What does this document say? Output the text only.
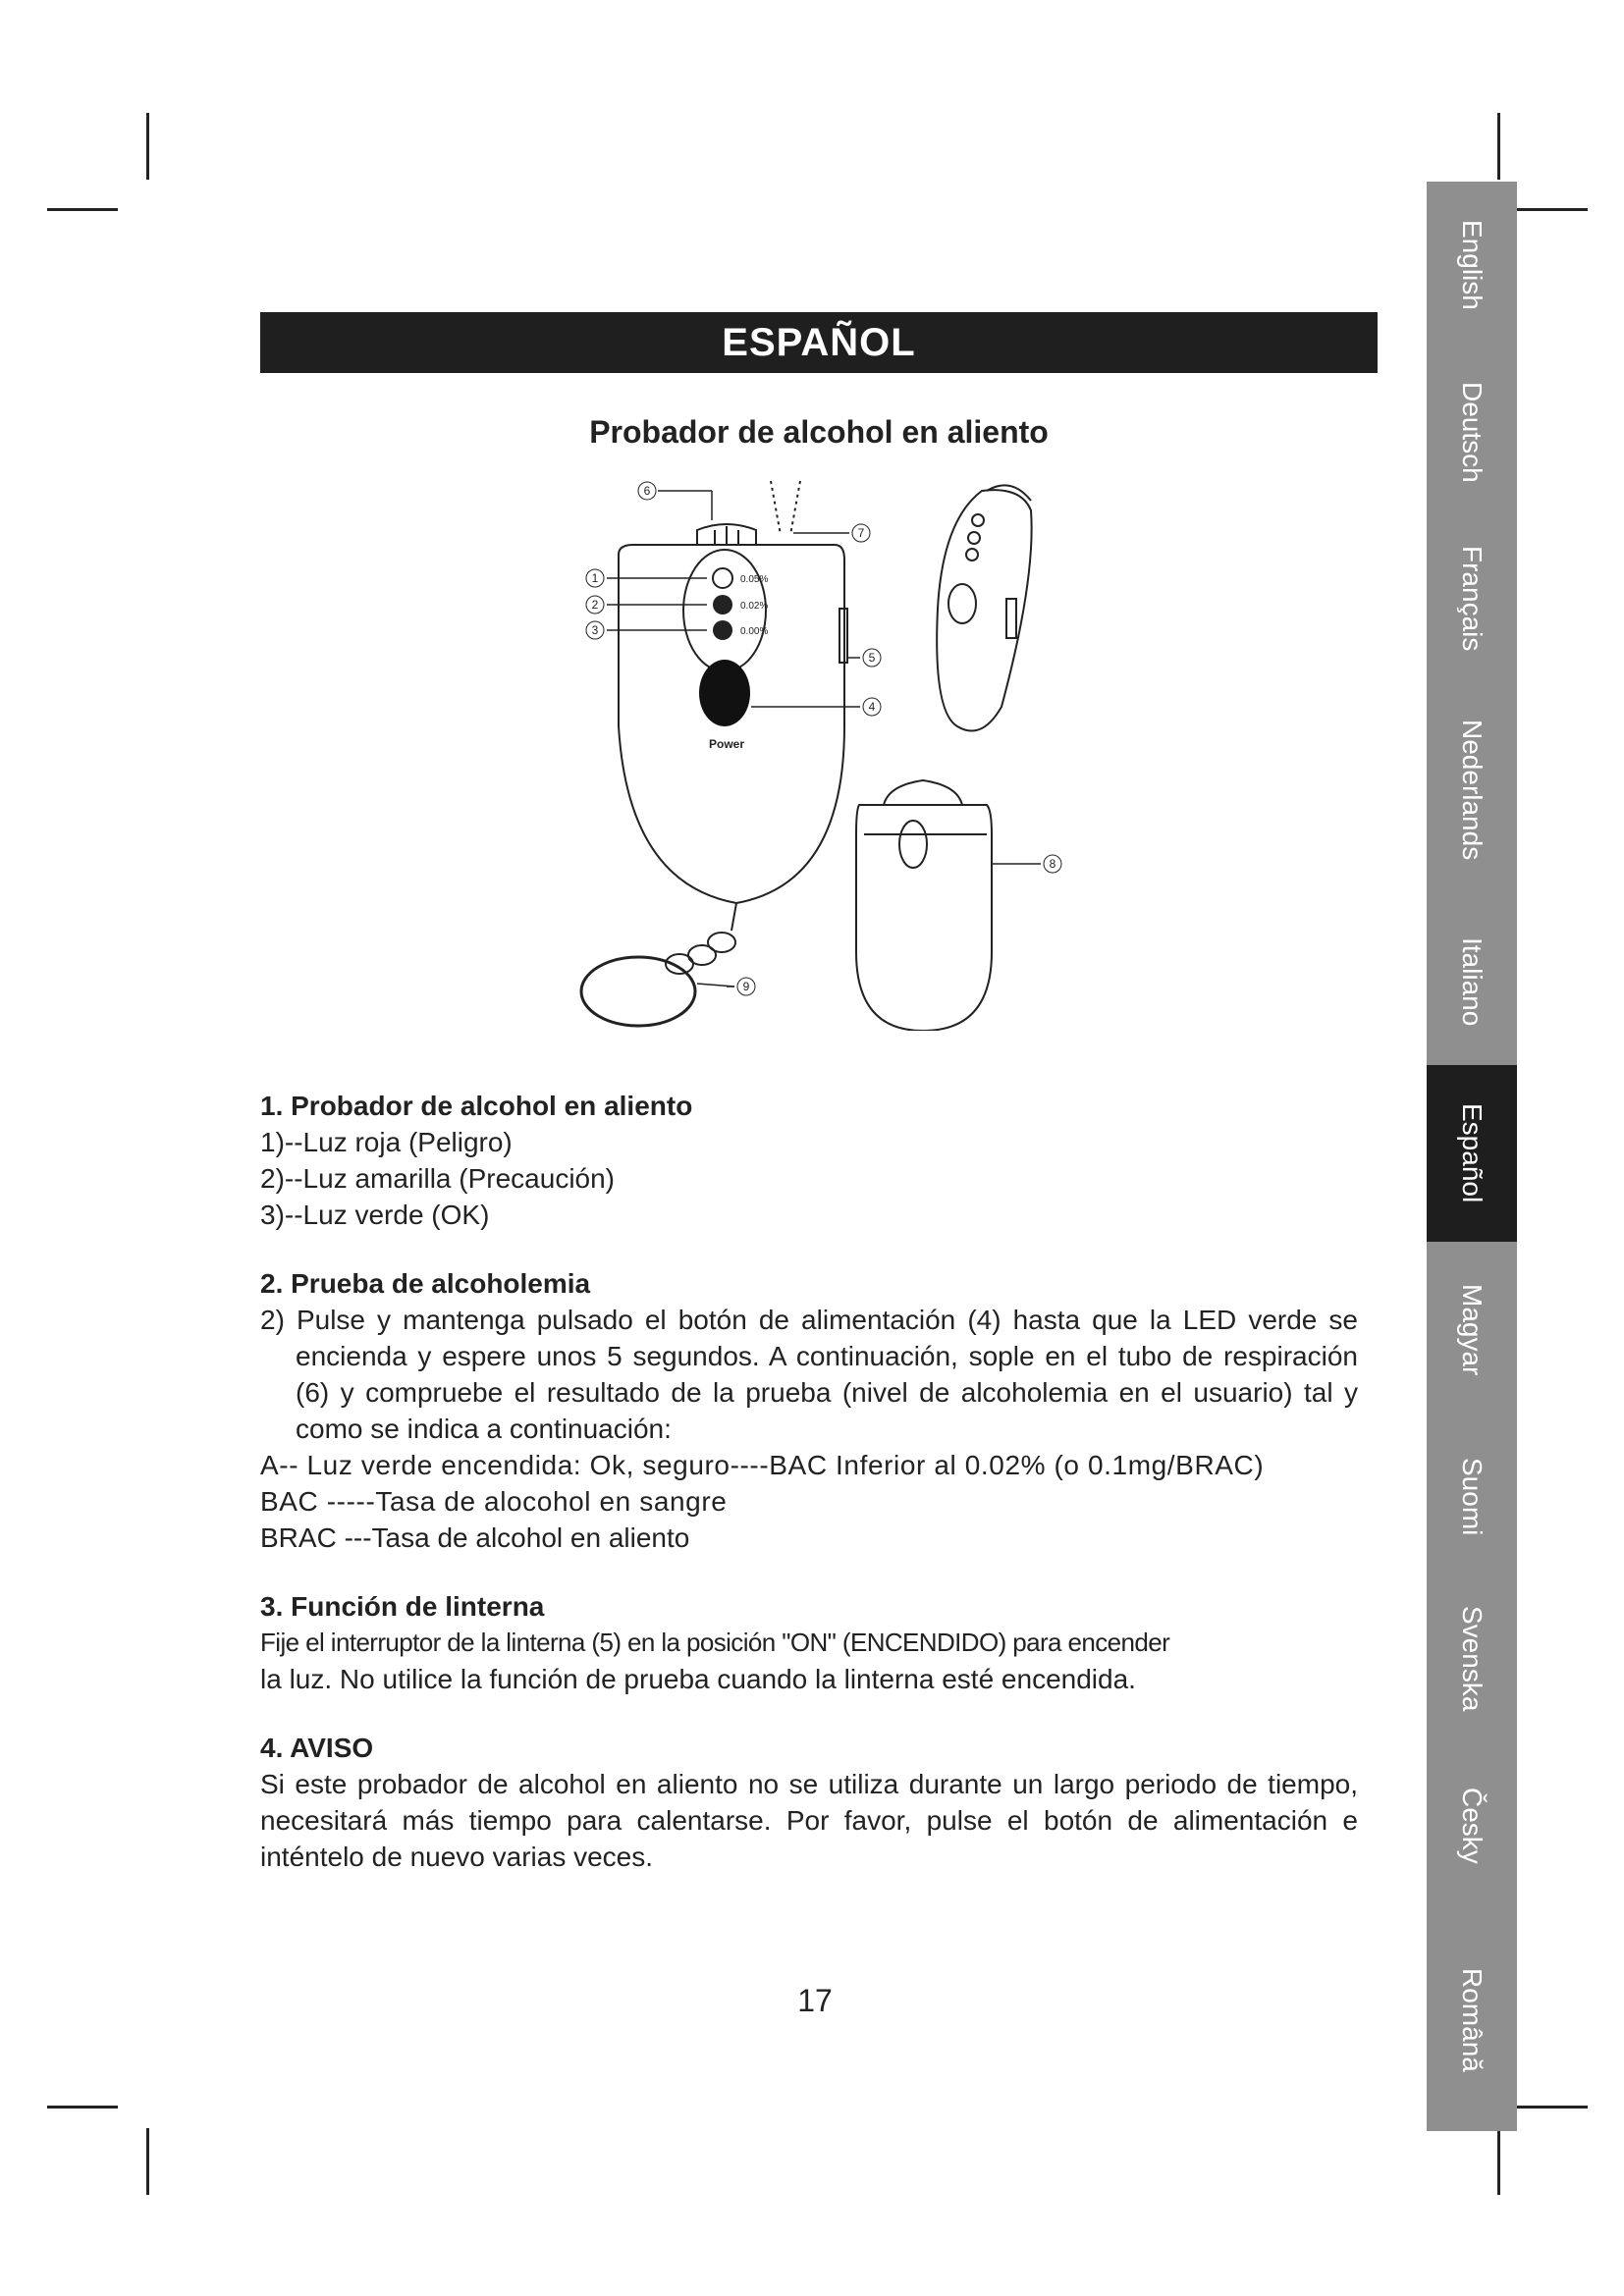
ESPAÑOL
Probador de alcohol en aliento
0.05%
0.02%
0.00%
Power
1
2
3
4
5
6
7
8
9
1. Probador de alcohol en aliento

1)--Luz roja (Peligro)

2)--Luz amarilla (Precaución)

3)--Luz verde (OK)

2. Prueba de alcoholemia

2) Pulse y mantenga pulsado el botón de alimentación (4) hasta que la LED verde se encienda y espere unos 5 segundos. A continuación, sople en el tubo de respiración (6) y compruebe el resultado de la prueba (nivel de alcoholemia en el usuario) tal y como se indica a continuación:

A-- Luz verde encendida: Ok, seguro----BAC Inferior al 0.02% (o 0.1mg/BRAC)

BAC -----Tasa de alocohol en sangre

BRAC ---Tasa de alcohol en aliento

3. Función de linterna

Fije el interruptor de la linterna (5) en la posición "ON" (ENCENDIDO) para encender

la luz. No utilice la función de prueba cuando la linterna esté encendida.

4. AVISO

Si este probador de alcohol en aliento no se utiliza durante un largo periodo de tiempo, necesitará más tiempo para calentarse. Por favor, pulse el botón de alimentación e inténtelo de nuevo varias veces.

17
English
Deutsch
Français
Nederlands
Italiano
Español
Magyar
Suomi
Svenska
Česky
Română
